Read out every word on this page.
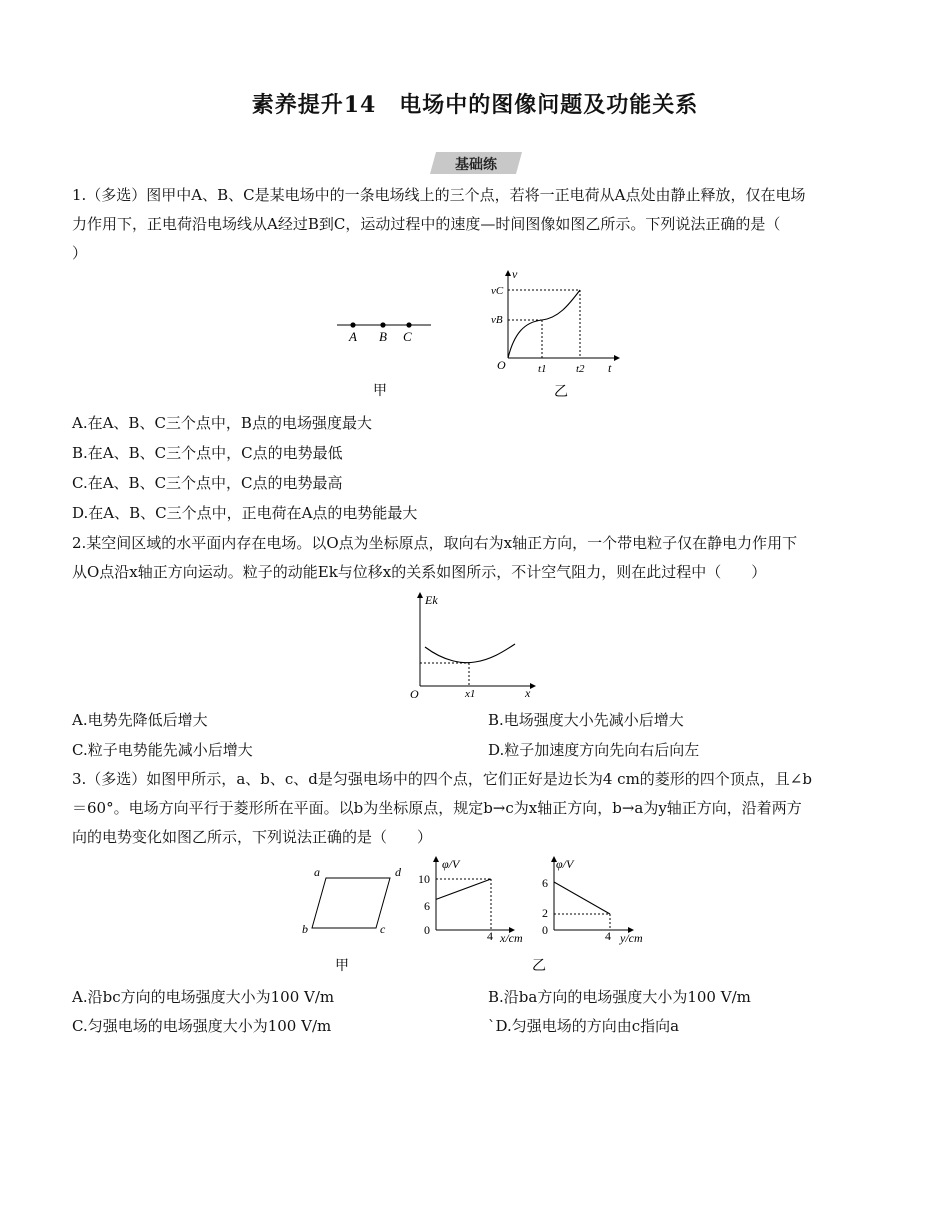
素养提升14　电场中的图像问题及功能关系
基础练
1.（多选）图甲中A、B、C是某电场中的一条电场线上的三个点，若将一正电荷从A点处由静止释放，仅在电场
力作用下，正电荷沿电场线从A经过B到C，运动过程中的速度—时间图像如图乙所示。下列说法正确的是（
）
A B C
甲
v
t
O
vC
vB
t1	t2
乙
A.在A、B、C三个点中，B点的电场强度最大
B.在A、B、C三个点中，C点的电势最低
C.在A、B、C三个点中，C点的电势最高
D.在A、B、C三个点中，正电荷在A点的电势能最大
2.某空间区域的水平面内存在电场。以O点为坐标原点，取向右为x轴正方向，一个带电粒子仅在静电力作用下
从O点沿x轴正方向运动。粒子的动能Ek与位移x的关系如图所示，不计空气阻力，则在此过程中（　　）
Ek
O	x1	x
A.电势先降低后增大	B.电场强度大小先减小后增大
C.粒子电势能先减小后增大	D.粒子加速度方向先向右后向左
3.（多选）如图甲所示，a、b、c、d是匀强电场中的四个点，它们正好是边长为4 cm的菱形的四个顶点，且∠b
＝60°。电场方向平行于菱形所在平面。以b为坐标原点，规定b→c为x轴正方向，b→a为y轴正方向，沿着两方
向的电势变化如图乙所示，下列说法正确的是（　　）
a
b	c
d
甲
φ/V
10
6
0	4 x/cm
φ/V
6
2
0	4 y/cm
乙
A.沿bc方向的电场强度大小为100 V/m	B.沿ba方向的电场强度大小为100 V/m
C.匀强电场的电场强度大小为100 V/m	`D.匀强电场的方向由c指向a
